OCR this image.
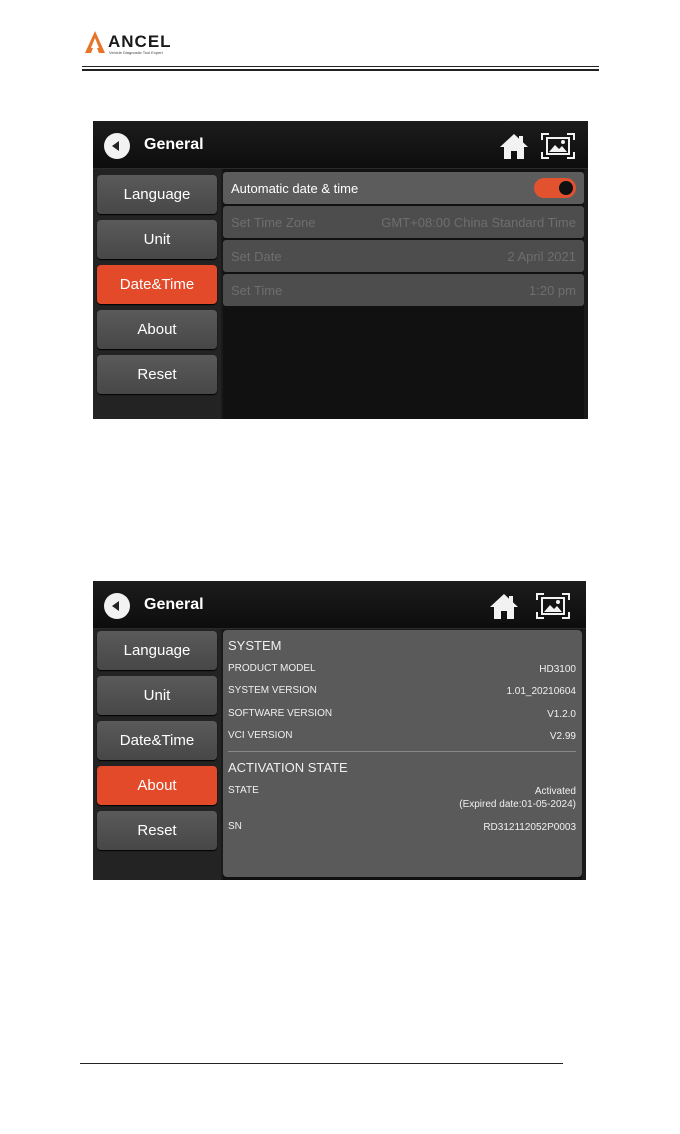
ANCEL
Vehicle Diagnostic Tool Expert
General
Language
Unit
Date&Time
About
Reset
Automatic date & time
Set Time Zone	GMT+08:00 China Standard Time
Set Date	2 April 2021
Set Time	1:20 pm
General
Language
Unit
Date&Time
About
Reset
SYSTEM
PRODUCT MODEL	HD3100
SYSTEM VERSION	1.01_20210604
SOFTWARE VERSION	V1.2.0
VCI VERSION	V2.99
ACTIVATION STATE
STATE	Activated
(Expired date:01-05-2024)
SN	RD312112052P0003
